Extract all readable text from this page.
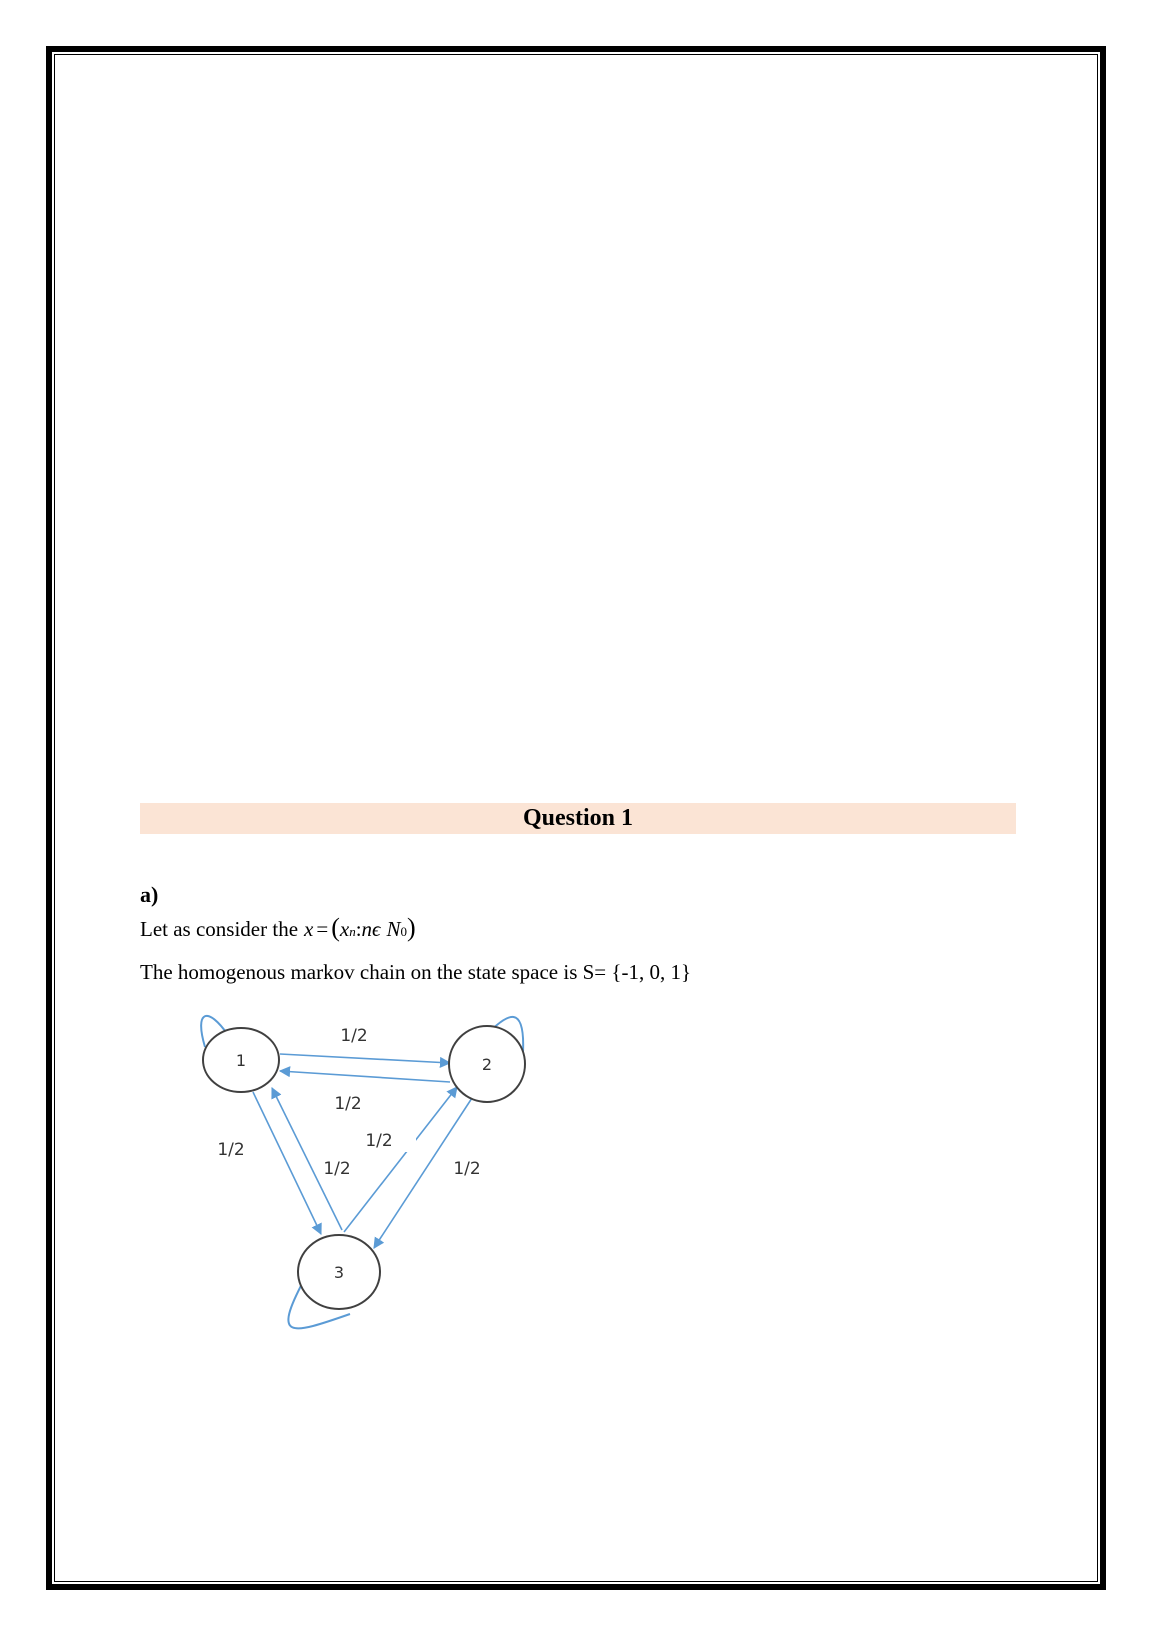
Question 1
a)
Let as consider the x = ( x n : n ϵ N 0 )
The homogenous markov chain on the state space is S= {-1, 0, 1}
1	2
3
1/2
1/2
1/2	1/2
1/2	1/2
